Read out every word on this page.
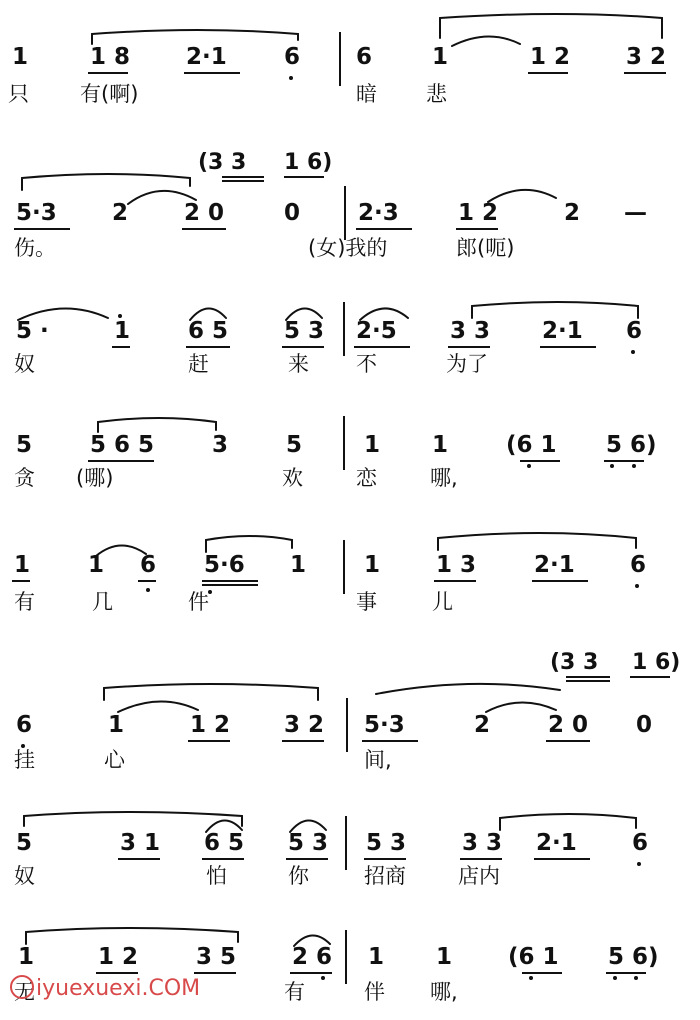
1	1 8 2·1 6 6	1	1 2 3 2
只 有(啊)	暗 悲
(3 3 1 6)
5·3 2 2 0	0	2·3	1 2	2 —
伤。	(女)我的	郎(呃)
5 ·	1	6 5 5 3 2·5 3 3 2·1 6
奴	赶	来 不	为了
5	5 6 5	3	5	1 1	(6 1 5 6)
贪 (哪)	欢	恋	哪,
1	1 6 5·6 1	1 1 3	2·1 6
有	几	件	事	儿
(3 3 1 6)
6	1	1 2 3 2 5·3	2	2 0 0
挂	心	间,
5	3 1 6 5 5 3 5 3 3 3 2·1 6
奴	怕	你	招商 店内
1	1 2	3 5 2 6 1 1 (6 1 5 6)
无	有	伴 哪,
iyuexuexi.COM
